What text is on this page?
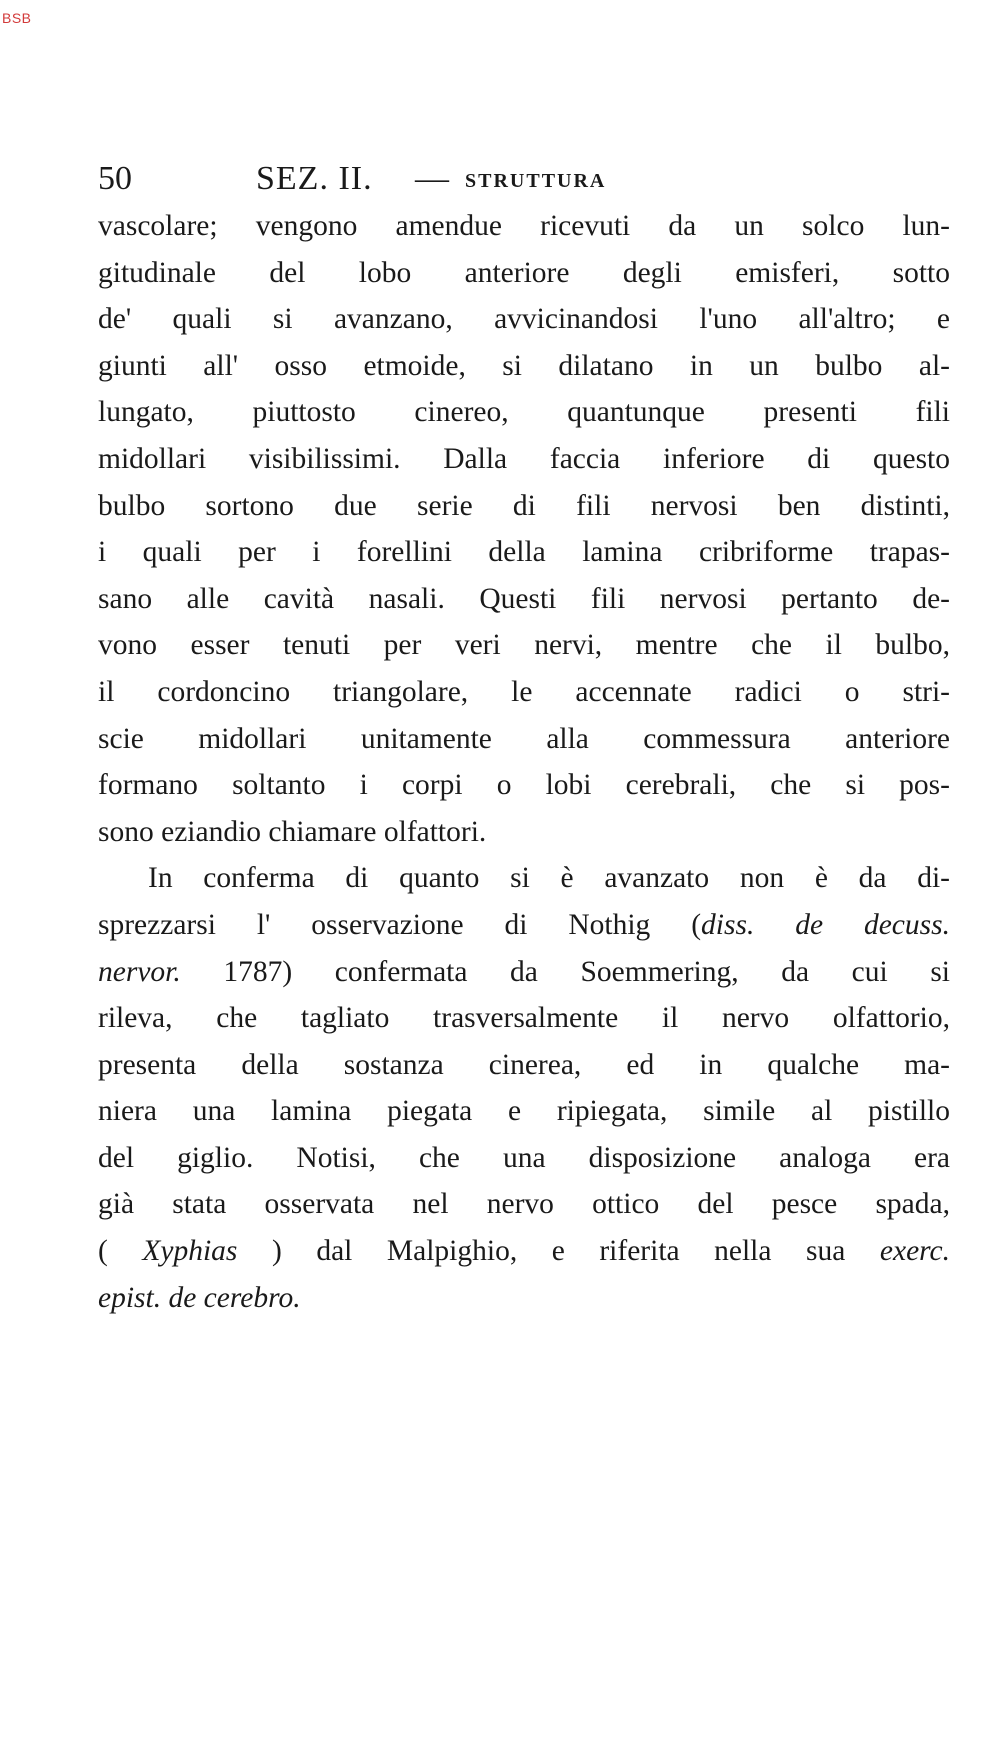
BSB
50	SEZ. II. — STRUTTURA
vascolare; vengono amendue ricevuti da un solco lun-
gitudinale del lobo anteriore degli emisferi, sotto
de' quali si avanzano, avvicinandosi l'uno all'altro; e
giunti all' osso etmoide, si dilatano in un bulbo al-
lungato, piuttosto cinereo, quantunque presenti fili
midollari visibilissimi. Dalla faccia inferiore di questo
bulbo sortono due serie di fili nervosi ben distinti,
i quali per i forellini della lamina cribriforme trapas-
sano alle cavità nasali. Questi fili nervosi pertanto de-
vono esser tenuti per veri nervi, mentre che il bulbo,
il cordoncino triangolare, le accennate radici o stri-
scie midollari unitamente alla commessura anteriore
formano soltanto i corpi o lobi cerebrali, che si pos-
sono eziandio chiamare olfattori.
In conferma di quanto si è avanzato non è da di-
sprezzarsi l' osservazione di Nothig (diss. de decuss.
nervor. 1787) confermata da Soemmering, da cui si
rileva, che tagliato trasversalmente il nervo olfattorio,
presenta della sostanza cinerea, ed in qualche ma-
niera una lamina piegata e ripiegata, simile al pistillo
del giglio. Notisi, che una disposizione analoga era
già stata osservata nel nervo ottico del pesce spada,
( Xyphias ) dal Malpighio, e riferita nella sua exerc.
epist. de cerebro.
